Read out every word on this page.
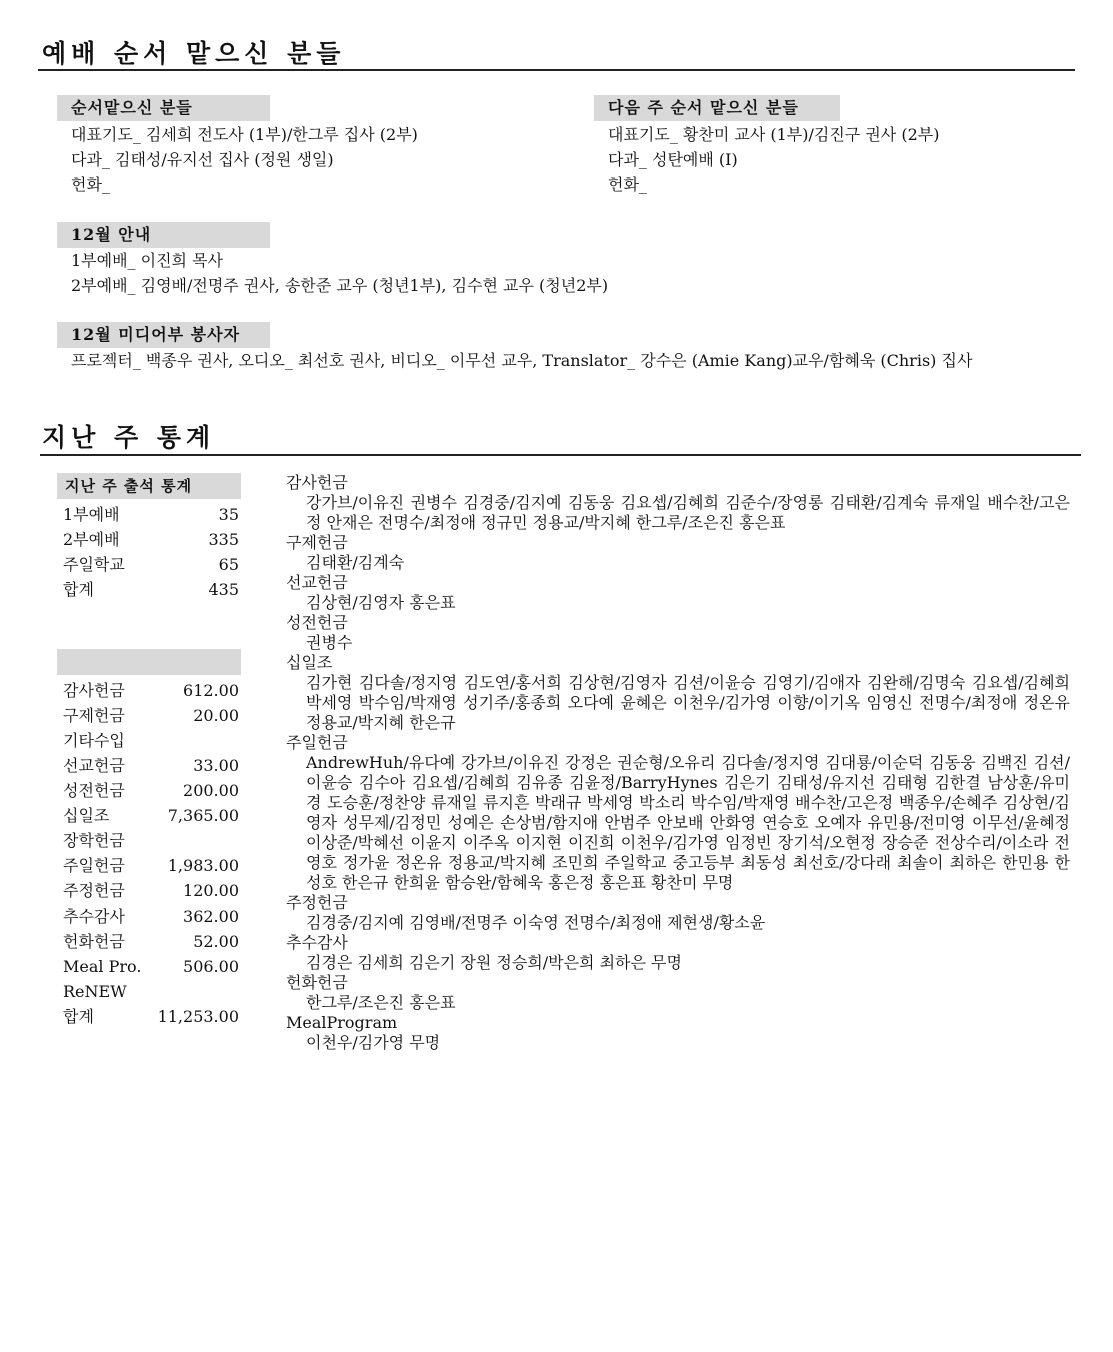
예배 순서 맡으신 분들
순서맡으신 분들
대표기도_ 김세희 전도사 (1부)/한그루 집사 (2부)
다과_ 김태성/유지선 집사 (정원 생일)
헌화_
다음 주 순서 맡으신 분들
대표기도_ 황찬미 교사 (1부)/김진구 권사 (2부)
다과_ 성탄예배 (I)
헌화_
12월 안내
1부예배_ 이진희 목사
2부예배_ 김영배/전명주 권사, 송한준 교우 (청년1부), 김수현 교우 (청년2부)
12월 미디어부 봉사자
프로젝터_ 백종우 권사, 오디오_ 최선호 권사, 비디오_ 이무선 교우, Translator_ 강수은 (Amie Kang)교우/함혜욱 (Chris) 집사
지난 주 통계
지난 주 출석 통계
1부예배	35
2부예배	335
주일학교	65
합계	435
감사헌금	612.00
구제헌금	20.00
기타수입
선교헌금	33.00
성전헌금	200.00
십일조	7,365.00
장학헌금
주일헌금	1,983.00
주정헌금	120.00
추수감사	362.00
헌화헌금	52.00
Meal Pro.	506.00
ReNEW
합계	11,253.00
감사헌금
강가브/이유진 권병수 김경중/김지예 김동웅 김요셉/김혜희 김준수/장영롱 김태환/김계숙 류재일 배수찬/고은정 안재은 전명수/최정애 정규민 정용교/박지혜 한그루/조은진 홍은표
구제헌금
김태환/김계숙
선교헌금
김상현/김영자 홍은표
성전헌금
권병수
십일조
김가현 김다솔/정지영 김도연/홍서희 김상현/김영자 김션/이윤승 김영기/김애자 김완해/김명숙 김요셉/김혜희 박세영 박수임/박재영 성기주/홍종희 오다예 윤혜은 이천우/김가영 이향/이기옥 임영신 전명수/최정애 정온유 정용교/박지혜 한은규
주일헌금
AndrewHuh/유다예 강가브/이유진 강정은 권순형/오유리 김다솔/정지영 김대룡/이순덕 김동웅 김백진 김션/이윤승 김수아 김요셉/김혜희 김유종 김윤정/BarryHynes 김은기 김태성/유지선 김태형 김한결 남상훈/유미경 도승훈/정찬양 류재일 류지흔 박래규 박세영 박소리 박수임/박재영 배수찬/고은정 백종우/손혜주 김상현/김영자 성무제/김정민 성예은 손상범/함지애 안범주 안보배 안화영 연승호 오예자 유민용/전미영 이무선/윤혜정 이상준/박혜선 이윤지 이주옥 이지현 이진희 이천우/김가영 임정빈 장기석/오현정 장승준 전상수리/이소라 전영호 정가윤 정온유 정용교/박지혜 조민희 주일학교 중고등부 최동성 최선호/강다래 최솔이 최하은 한민용 한성호 한은규 한희윤 함승완/함혜욱 홍은정 홍은표 황찬미 무명
주정헌금
김경중/김지예 김영배/전명주 이숙영 전명수/최정애 제현생/황소윤
추수감사
김경은 김세희 김은기 장원 정승희/박은희 최하은 무명
헌화헌금
한그루/조은진 홍은표
MealProgram
이천우/김가영 무명
